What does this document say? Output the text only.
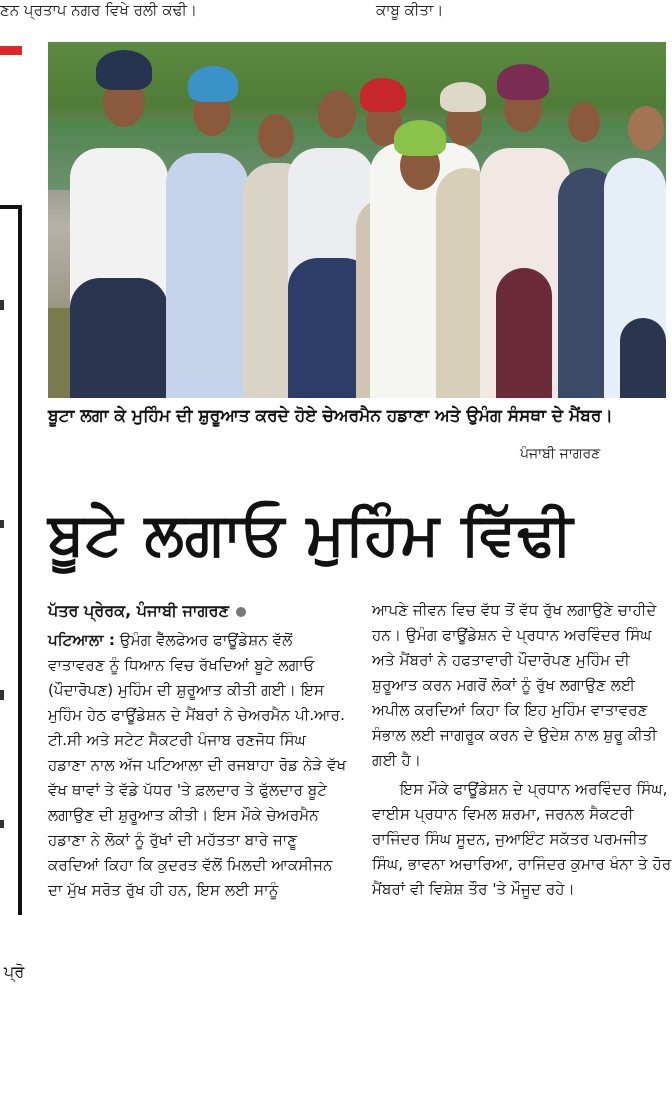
ਣਨ ਪ੍ਰਤਾਪ ਨਗਰ ਵਿਖੇ ਰਲੀ ਕਢੀ।	ਕਾਬੂ ਕੀਤਾ।
ਬੂਟਾ ਲਗਾ ਕੇ ਮੁਹਿੰਮ ਦੀ ਸ਼ੁਰੂਆਤ ਕਰਦੇ ਹੋਏ ਚੇਅਰਮੈਨ ਹਡਾਣਾ ਅਤੇ ਉਮੰਗ ਸੰਸਥਾ ਦੇ ਮੈਂਬਰ।
ਪੰਜਾਬੀ ਜਾਗਰਣ
ਬੂਟੇ ਲਗਾਓ ਮੁਹਿੰਮ ਵਿੱਢੀ

ਪੱਤਰ ਪ੍ਰੇਰਕ, ਪੰਜਾਬੀ ਜਾਗਰਣ

ਪਟਿਆਲਾ : ਉਮੰਗ ਵੈੱਲਫੇਅਰ ਫਾਊਂਡੇਸ਼ਨ ਵੱਲੋਂ ਵਾਤਾਵਰਣ ਨੂੰ ਧਿਆਨ ਵਿਚ ਰੱਖਦਿਆਂ ਬੂਟੇ ਲਗਾਓ (ਪੌਦਾਰੋਪਣ) ਮੁਹਿੰਮ ਦੀ ਸ਼ੁਰੂਆਤ ਕੀਤੀ ਗਈ। ਇਸ ਮੁਹਿੰਮ ਹੇਠ ਫਾਊਂਡੇਸ਼ਨ ਦੇ ਮੈਂਬਰਾਂ ਨੇ ਚੇਅਰਮੈਨ ਪੀ.ਆਰ. ਟੀ.ਸੀ ਅਤੇ ਸਟੇਟ ਸੈਕਟਰੀ ਪੰਜਾਬ ਰਣਜੋਧ ਸਿੰਘ ਹਡਾਣਾ ਨਾਲ ਅੱਜ ਪਟਿਆਲਾ ਦੀ ਰਜਬਾਹਾ ਰੋਡ ਨੇੜੇ ਵੱਖ ਵੱਖ ਥਾਵਾਂ ਤੇ ਵੱਡੇ ਪੱਧਰ 'ਤੇ ਫ਼ਲਦਾਰ ਤੇ ਫੁੱਲਦਾਰ ਬੂਟੇ ਲਗਾਉਣ ਦੀ ਸ਼ੁਰੂਆਤ ਕੀਤੀ। ਇਸ ਮੌਕੇ ਚੇਅਰਮੈਨ ਹਡਾਣਾ ਨੇ ਲੋਕਾਂ ਨੂੰ ਰੁੱਖਾਂ ਦੀ ਮਹੱਤਤਾ ਬਾਰੇ ਜਾਣੂ ਕਰਦਿਆਂ ਕਿਹਾ ਕਿ ਕੁਦਰਤ ਵੱਲੋਂ ਮਿਲਦੀ ਆਕਸੀਜਨ ਦਾ ਮੁੱਖ ਸਰੋਤ ਰੁੱਖ ਹੀ ਹਨ, ਇਸ ਲਈ ਸਾਨੂੰ

ਆਪਣੇ ਜੀਵਨ ਵਿਚ ਵੱਧ ਤੋਂ ਵੱਧ ਰੁੱਖ ਲਗਾਉਣੇ ਚਾਹੀਦੇ ਹਨ। ਉਮੰਗ ਫਾਊਂਡੇਸ਼ਨ ਦੇ ਪ੍ਰਧਾਨ ਅਰਵਿੰਦਰ ਸਿੰਘ ਅਤੇ ਮੈਂਬਰਾਂ ਨੇ ਹਫਤਾਵਾਰੀ ਪੌਦਾਰੋਪਣ ਮੁਹਿੰਮ ਦੀ ਸ਼ੁਰੂਆਤ ਕਰਨ ਮਗਰੋਂ ਲੋਕਾਂ ਨੂੰ ਰੁੱਖ ਲਗਾਉਣ ਲਈ ਅਪੀਲ ਕਰਦਿਆਂ ਕਿਹਾ ਕਿ ਇਹ ਮੁਹਿੰਮ ਵਾਤਾਵਰਣ ਸੰਭਾਲ ਲਈ ਜਾਗਰੂਕ ਕਰਨ ਦੇ ਉਦੇਸ਼ ਨਾਲ ਸ਼ੁਰੂ ਕੀਤੀ ਗਈ ਹੈ।

ਇਸ ਮੌਕੇ ਫਾਊਂਡੇਸ਼ਨ ਦੇ ਪ੍ਰਧਾਨ ਅਰਵਿੰਦਰ ਸਿੰਘ, ਵਾਈਸ ਪ੍ਰਧਾਨ ਵਿਮਲ ਸ਼ਰਮਾ, ਜਰਨਲ ਸੈਕਟਰੀ ਰਾਜਿੰਦਰ ਸਿੰਘ ਸੂਦਨ, ਜੁਆਇੰਟ ਸਕੱਤਰ ਪਰਮਜੀਤ ਸਿੰਘ, ਭਾਵਨਾ ਅਚਾਰਿਆ, ਰਾਜਿੰਦਰ ਕੁਮਾਰ ਖੰਨਾ ਤੇ ਹੋਰ ਮੈਂਬਰਾਂ ਵੀ ਵਿਸ਼ੇਸ਼ ਤੌਰ 'ਤੇ ਮੌਜੂਦ ਰਹੇ।

ਪ੍ਰੋ
